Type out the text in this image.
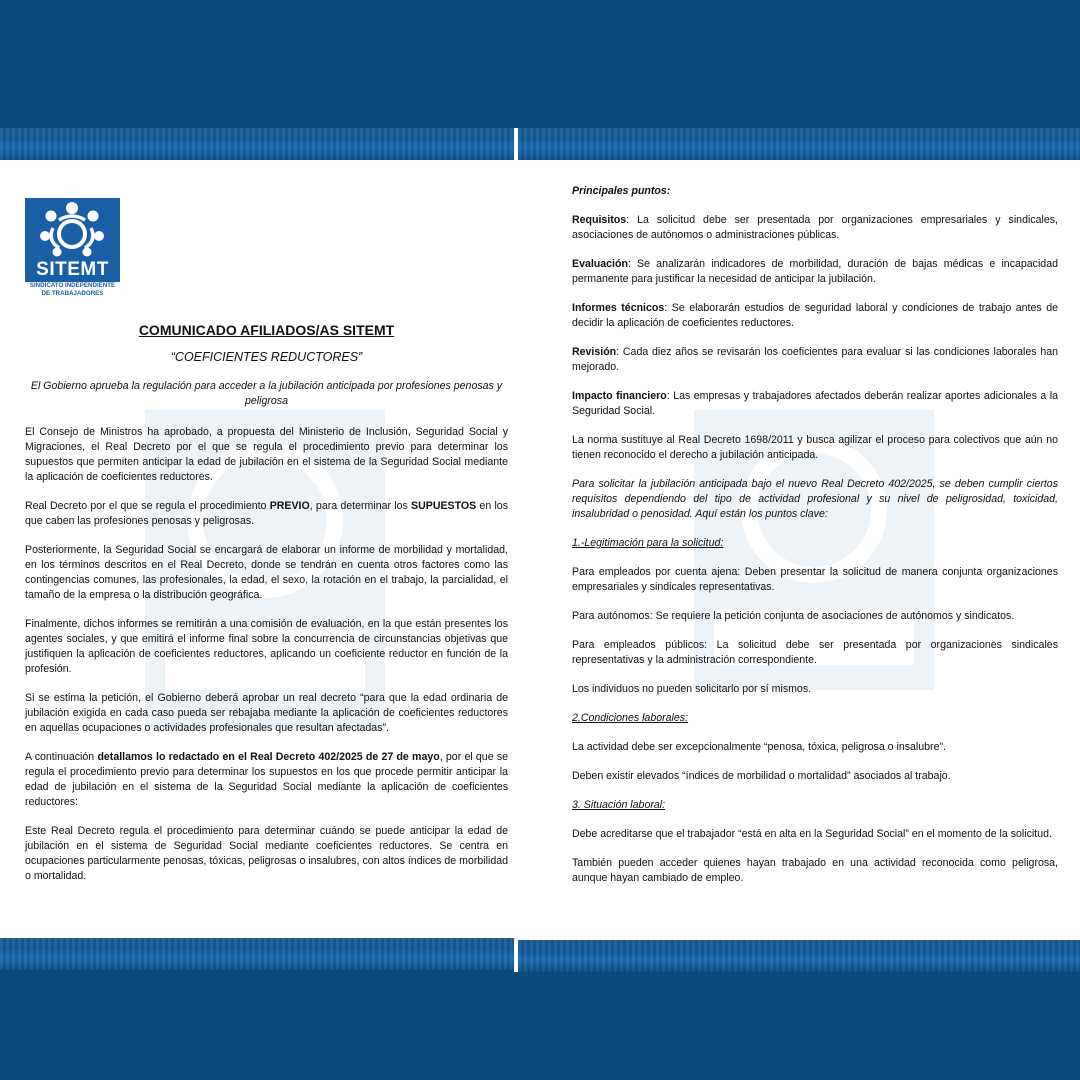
SITEMT
SINDICATO INDEPENDIENTE
DE TRABAJADORES
COMUNICADO AFILIADOS/AS SITEMT
“COEFICIENTES REDUCTORES”

El Gobierno aprueba la regulación para acceder a la jubilación anticipada por profesiones penosas y peligrosa

El Consejo de Ministros ha aprobado, a propuesta del Ministerio de Inclusión, Seguridad Social y Migraciones, el Real Decreto por el que se regula el procedimiento previo para determinar los supuestos que permiten anticipar la edad de jubilación en el sistema de la Seguridad Social mediante la aplicación de coeficientes reductores.

Real Decreto por el que se regula el procedimiento PREVIO, para determinar los SUPUESTOS en los que caben las profesiones penosas y peligrosas.

Posteriormente, la Seguridad Social se encargará de elaborar un informe de morbilidad y mortalidad, en los términos descritos en el Real Decreto, donde se tendrán en cuenta otros factores como las contingencias comunes, las profesionales, la edad, el sexo, la rotación en el trabajo, la parcialidad, el tamaño de la empresa o la distribución geográfica.

Finalmente, dichos informes se remitirán a una comisión de evaluación, en la que están presentes los agentes sociales, y que emitirá el informe final sobre la concurrencia de circunstancias objetivas que justifiquen la aplicación de coeficientes reductores, aplicando un coeficiente reductor en función de la profesión.

Si se estima la petición, el Gobierno deberá aprobar un real decreto “para que la edad ordinaria de jubilación exigida en cada caso pueda ser rebajaba mediante la aplicación de coeficientes reductores en aquellas ocupaciones o actividades profesionales que resultan afectadas”.

A continuación detallamos lo redactado en el Real Decreto 402/2025 de 27 de mayo, por el que se regula el procedimiento previo para determinar los supuestos en los que procede permitir anticipar la edad de jubilación en el sistema de la Seguridad Social mediante la aplicación de coeficientes reductores:

Este Real Decreto regula el procedimiento para determinar cuándo se puede anticipar la edad de jubilación en el sistema de Seguridad Social mediante coeficientes reductores. Se centra en ocupaciones particularmente penosas, tóxicas, peligrosas o insalubres, con altos índices de morbilidad o mortalidad.

Principales puntos:

Requisitos: La solicitud debe ser presentada por organizaciones empresariales y sindicales, asociaciones de autónomos o administraciones públicas.

Evaluación: Se analizarán indicadores de morbilidad, duración de bajas médicas e incapacidad permanente para justificar la necesidad de anticipar la jubilación.

Informes técnicos: Se elaborarán estudios de seguridad laboral y condiciones de trabajo antes de decidir la aplicación de coeficientes reductores.

Revisión: Cada diez años se revisarán los coeficientes para evaluar si las condiciones laborales han mejorado.

Impacto financiero: Las empresas y trabajadores afectados deberán realizar aportes adicionales a la Seguridad Social.

La norma sustituye al Real Decreto 1698/2011 y busca agilizar el proceso para colectivos que aún no tienen reconocido el derecho a jubilación anticipada.

Para solicitar la jubilación anticipada bajo el nuevo Real Decreto 402/2025, se deben cumplir ciertos requisitos dependiendo del tipo de actividad profesional y su nivel de peligrosidad, toxicidad, insalubridad o penosidad. Aquí están los puntos clave:

1.-Legitimación para la solicitud:

Para empleados por cuenta ajena: Deben presentar la solicitud de manera conjunta organizaciones empresariales y sindicales representativas.

Para autónomos: Se requiere la petición conjunta de asociaciones de autónomos y sindicatos.

Para empleados públicos: La solicitud debe ser presentada por organizaciones sindicales representativas y la administración correspondiente.

Los individuos no pueden solicitarlo por sí mismos.

2.Condiciones laborales:

La actividad debe ser excepcionalmente “penosa, tóxica, peligrosa o insalubre”.

Deben existir elevados “índices de morbilidad o mortalidad” asociados al trabajo.

3. Situación laboral:

Debe acreditarse que el trabajador “está en alta en la Seguridad Social” en el momento de la solicitud.

También pueden acceder quienes hayan trabajado en una actividad reconocida como peligrosa, aunque hayan cambiado de empleo.
